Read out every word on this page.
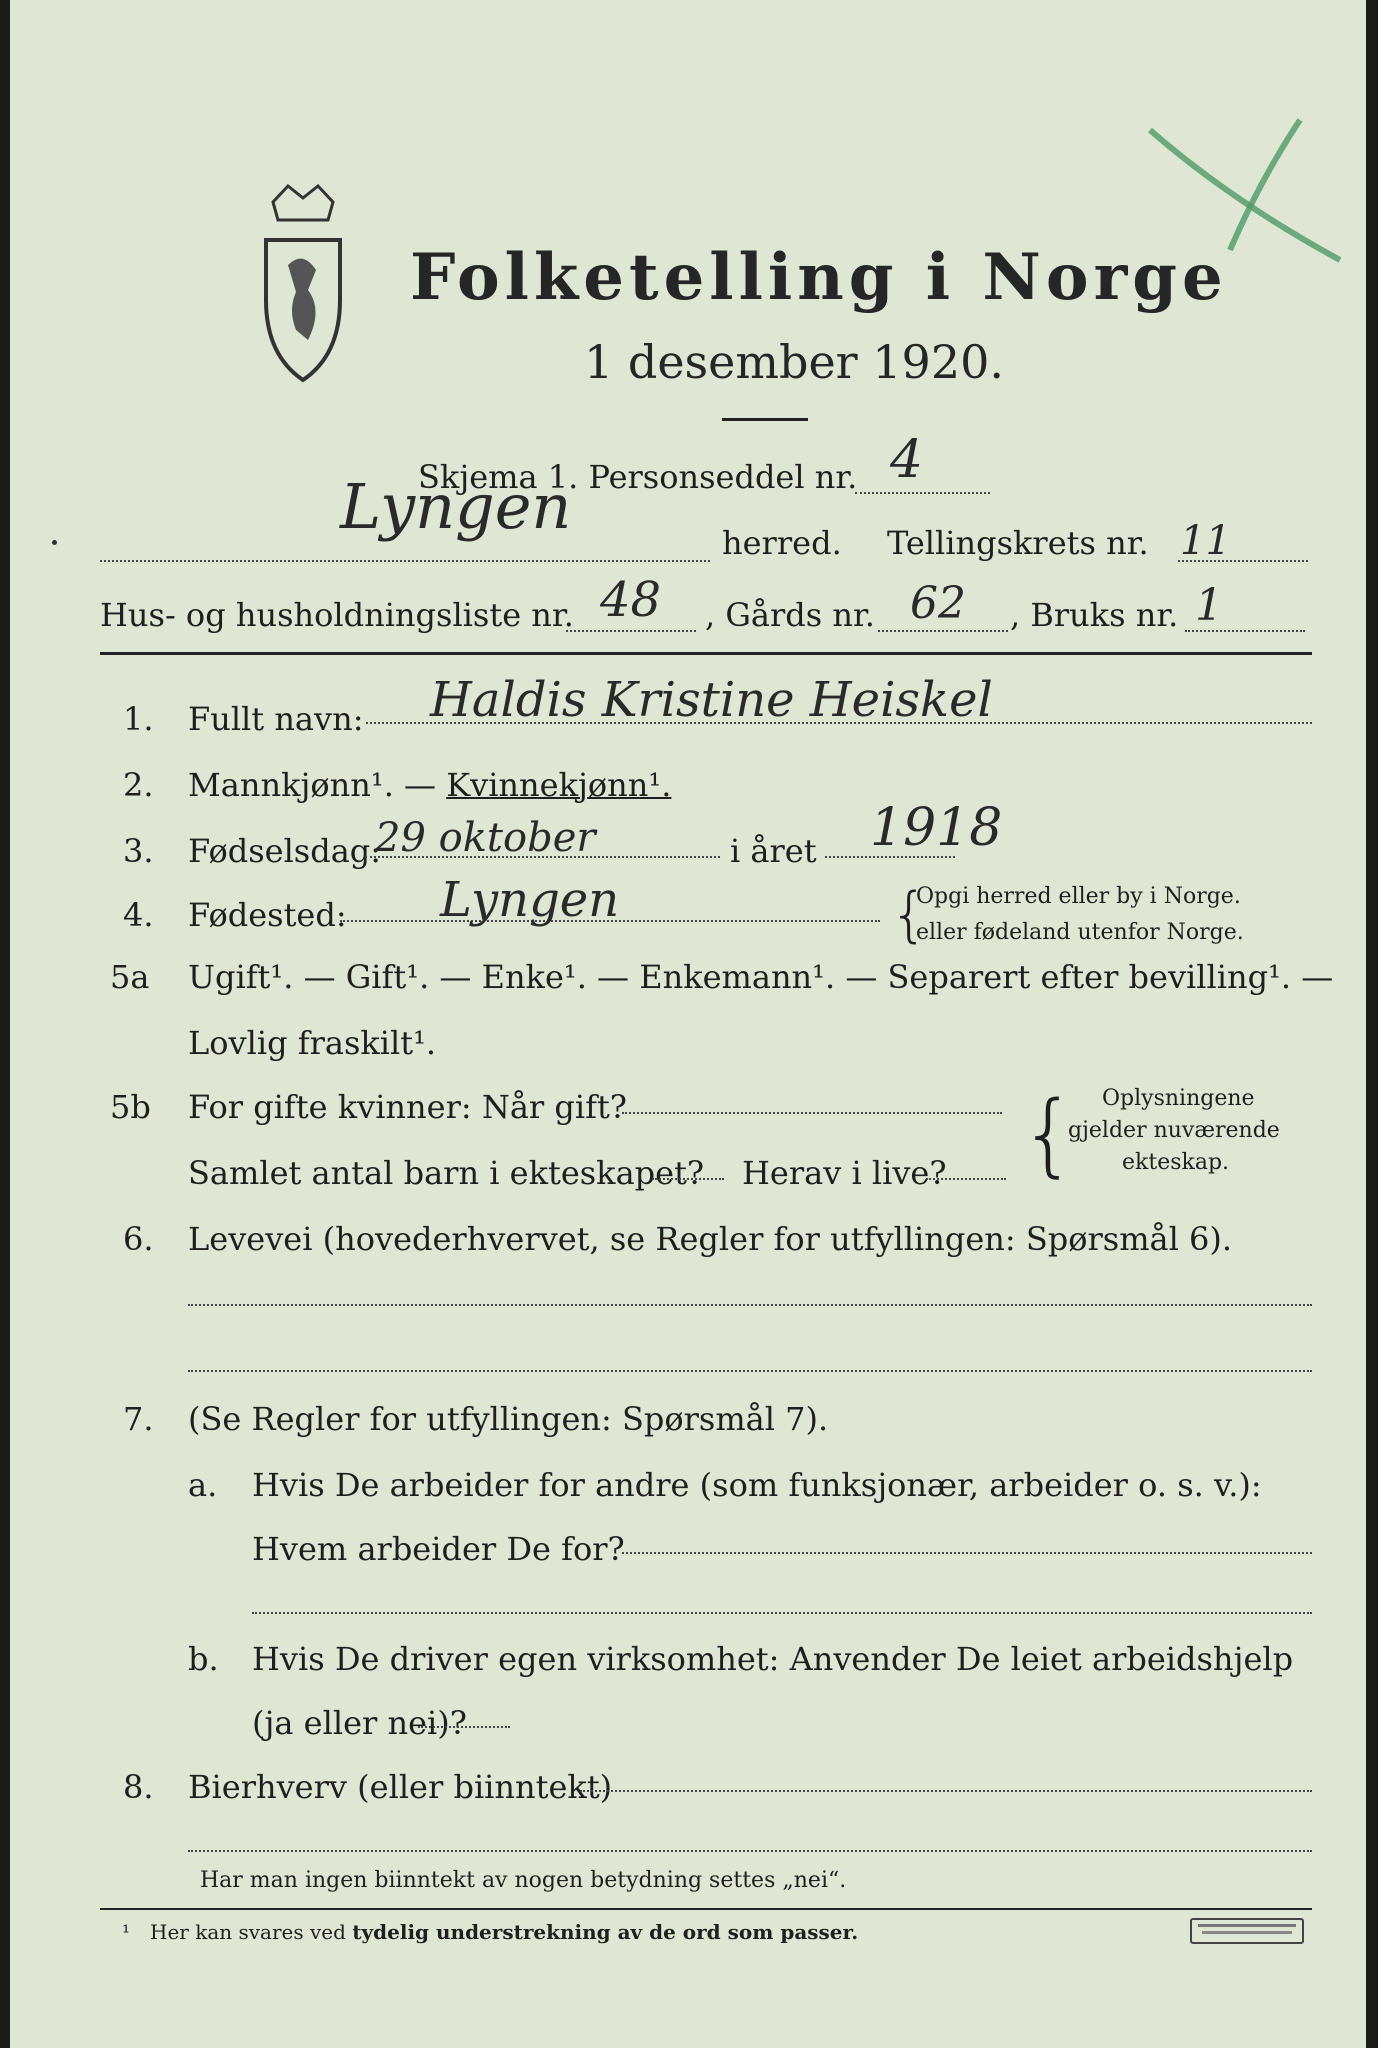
Folketelling i Norge
1 desember 1920.
Skjema 1. Personseddel nr. 4
Lyngen	herred. Tellingskrets nr. 11
Hus- og husholdningsliste nr. 48 , Gårds nr. 62 , Bruks nr. 1
1. Fullt navn: Haldis Kristine Heiskel
2. Mannkjønn¹. — Kvinnekjønn¹.
3. Fødselsdag:
29 oktober	i året 1918
4. Fødested: Lyngen	{
Opgi herred eller by i Norge.
eller fødeland utenfor Norge.
5a Ugift¹. — Gift¹. — Enke¹. — Enkemann¹. — Separert efter bevilling¹. —
Lovlig fraskilt¹.
5b For gifte kvinner: Når gift?
Samlet antal barn i ekteskapet? Herav i live? { Oplysningene
gjelder nuværende
ekteskap.
6. Levevei (hovederhvervet, se Regler for utfyllingen: Spørsmål 6).
7. (Se Regler for utfyllingen: Spørsmål 7).
a. Hvis De arbeider for andre (som funksjonær, arbeider o. s. v.):
Hvem arbeider De for?
b. Hvis De driver egen virksomhet: Anvender De leiet arbeidshjelp
(ja eller nei)?
8. Bierhverv (eller biinntekt)
Har man ingen biinntekt av nogen betydning settes „nei“.
¹ Her kan svares ved tydelig understrekning av de ord som passer.
